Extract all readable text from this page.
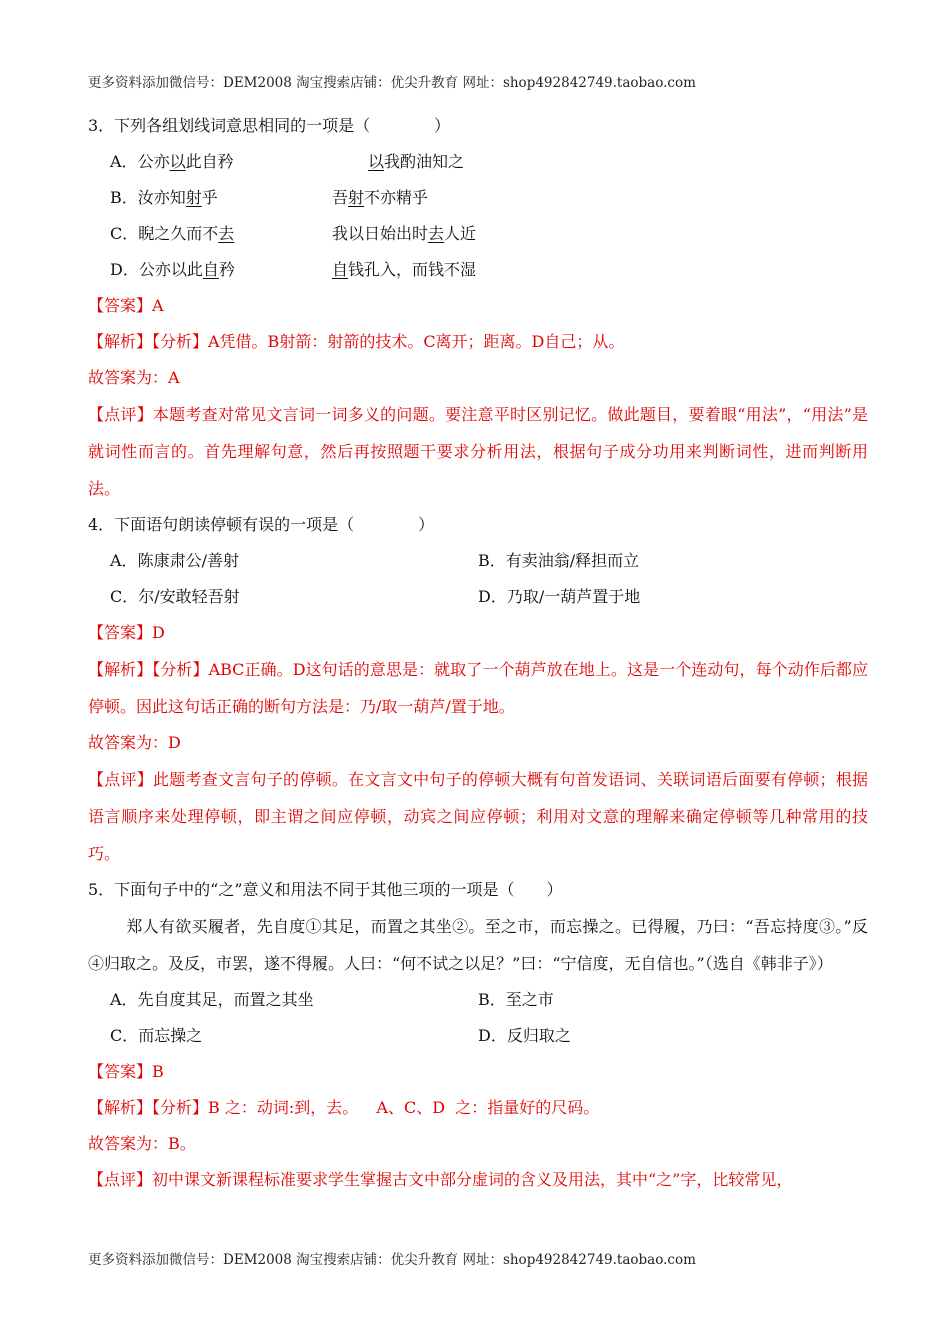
更多资料添加微信号：DEM2008 淘宝搜索店铺：优尖升教育 网址：shop492842749.taobao.com
3．下列各组划线词意思相同的一项是（　　　　）
A．公亦以此自矜	以我酌油知之
B．汝亦知射乎	吾射不亦精乎
C．睨之久而不去	我以日始出时去人近
D．公亦以此自矜	自钱孔入，而钱不湿
【答案】A
【解析】【分析】A凭借。B射箭：射箭的技术。C离开；距离。D自己；从。
故答案为：A
【点评】本题考查对常见文言词一词多义的问题。要注意平时区别记忆。做此题目，要着眼“用法”，“用法”是就词性而言的。首先理解句意，然后再按照题干要求分析用法，根据句子成分功用来判断词性，进而判断用法。
4．下面语句朗读停顿有误的一项是（　　　　）
A．陈康肃公/善射	B．有卖油翁/释担而立
C．尔/安敢轻吾射	D．乃取/一葫芦置于地
【答案】D
【解析】【分析】ABC正确。D这句话的意思是：就取了一个葫芦放在地上。这是一个连动句，每个动作后都应停顿。因此这句话正确的断句方法是：乃/取一葫芦/置于地。
故答案为：D
【点评】此题考查文言句子的停顿。在文言文中句子的停顿大概有句首发语词、关联词语后面要有停顿；根据语言顺序来处理停顿，即主谓之间应停顿，动宾之间应停顿；利用对文意的理解来确定停顿等几种常用的技巧。
5．下面句子中的“之”意义和用法不同于其他三项的一项是（　　）
郑人有欲买履者，先自度①其足，而置之其坐②。至之市，而忘操之。已得履，乃曰：“吾忘持度③。”反④归取之。及反，市罢，遂不得履。人曰：“何不试之以足？”曰：“宁信度，无自信也。”（选自《韩非子》）
A．先自度其足，而置之其坐	B．至之市
C．而忘操之	D．反归取之
【答案】B
【解析】【分析】B 之：动词:到，去。　  A、C、D  之：指量好的尺码。
故答案为：B。
【点评】初中课文新课程标准要求学生掌握古文中部分虚词的含义及用法，其中“之”字，比较常见，
更多资料添加微信号：DEM2008 淘宝搜索店铺：优尖升教育 网址：shop492842749.taobao.com
